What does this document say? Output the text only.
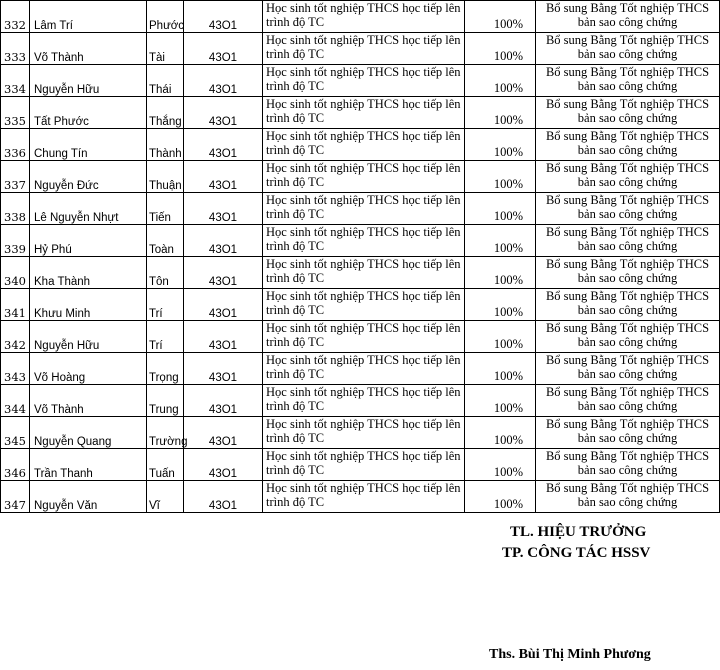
332	Lâm Trí	Phước	43O1	Học sinh tốt nghiệp THCS học tiếp lên trình độ TC	100%	Bổ sung Bằng Tốt nghiệp THCS bản sao công chứng
333	Võ Thành	Tài	43O1	Học sinh tốt nghiệp THCS học tiếp lên trình độ TC	100%	Bổ sung Bằng Tốt nghiệp THCS bản sao công chứng
334	Nguyễn Hữu	Thái	43O1	Học sinh tốt nghiệp THCS học tiếp lên trình độ TC	100%	Bổ sung Bằng Tốt nghiệp THCS bản sao công chứng
335	Tất Phước	Thắng	43O1	Học sinh tốt nghiệp THCS học tiếp lên trình độ TC	100%	Bổ sung Bằng Tốt nghiệp THCS bản sao công chứng
336	Chung Tín	Thành	43O1	Học sinh tốt nghiệp THCS học tiếp lên trình độ TC	100%	Bổ sung Bằng Tốt nghiệp THCS bản sao công chứng
337	Nguyễn Đức	Thuận	43O1	Học sinh tốt nghiệp THCS học tiếp lên trình độ TC	100%	Bổ sung Bằng Tốt nghiệp THCS bản sao công chứng
338	Lê Nguyễn Nhựt	Tiến	43O1	Học sinh tốt nghiệp THCS học tiếp lên trình độ TC	100%	Bổ sung Bằng Tốt nghiệp THCS bản sao công chứng
339	Hỷ Phú	Toàn	43O1	Học sinh tốt nghiệp THCS học tiếp lên trình độ TC	100%	Bổ sung Bằng Tốt nghiệp THCS bản sao công chứng
340	Kha Thành	Tôn	43O1	Học sinh tốt nghiệp THCS học tiếp lên trình độ TC	100%	Bổ sung Bằng Tốt nghiệp THCS bản sao công chứng
341	Khưu Minh	Trí	43O1	Học sinh tốt nghiệp THCS học tiếp lên trình độ TC	100%	Bổ sung Bằng Tốt nghiệp THCS bản sao công chứng
342	Nguyễn Hữu	Trí	43O1	Học sinh tốt nghiệp THCS học tiếp lên trình độ TC	100%	Bổ sung Bằng Tốt nghiệp THCS bản sao công chứng
343	Võ Hoàng	Trọng	43O1	Học sinh tốt nghiệp THCS học tiếp lên trình độ TC	100%	Bổ sung Bằng Tốt nghiệp THCS bản sao công chứng
344	Võ Thành	Trung	43O1	Học sinh tốt nghiệp THCS học tiếp lên trình độ TC	100%	Bổ sung Bằng Tốt nghiệp THCS bản sao công chứng
345	Nguyễn Quang	Trường	43O1	Học sinh tốt nghiệp THCS học tiếp lên trình độ TC	100%	Bổ sung Bằng Tốt nghiệp THCS bản sao công chứng
346	Trần Thanh	Tuấn	43O1	Học sinh tốt nghiệp THCS học tiếp lên trình độ TC	100%	Bổ sung Bằng Tốt nghiệp THCS bản sao công chứng
347	Nguyễn Văn	Vĩ	43O1	Học sinh tốt nghiệp THCS học tiếp lên trình độ TC	100%	Bổ sung Bằng Tốt nghiệp THCS bản sao công chứng
TL. HIỆU TRƯỞNG
TP. CÔNG TÁC HSSV
Ths. Bùi Thị Minh Phương
